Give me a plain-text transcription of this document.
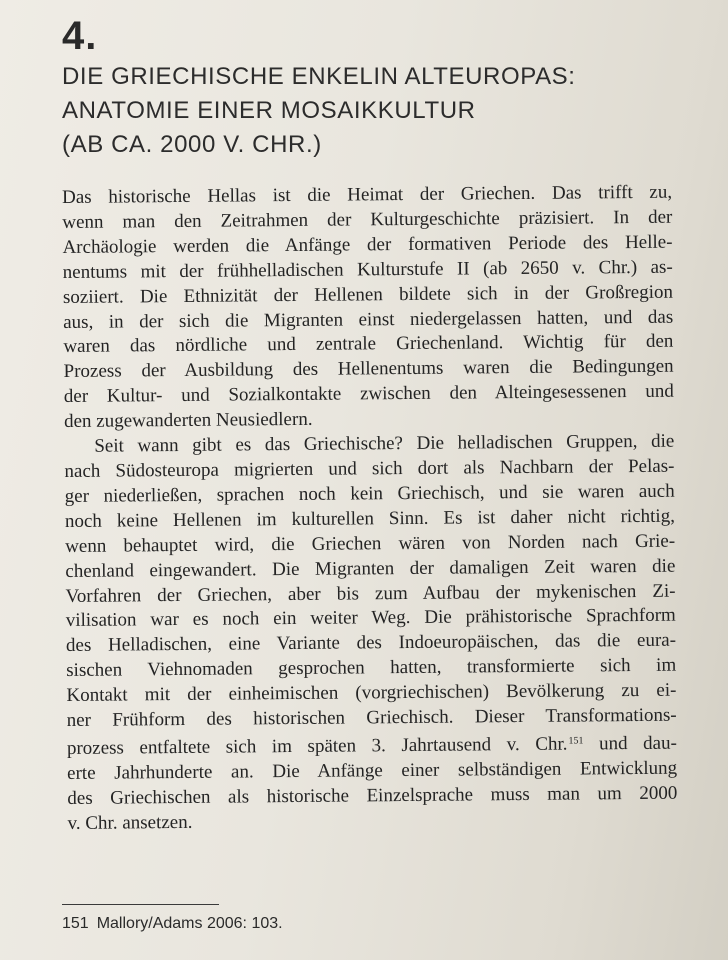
4.
DIE GRIECHISCHE ENKELIN ALTEUROPAS:
ANATOMIE EINER MOSAIKKULTUR
(AB CA. 2000 V. CHR.)
Das historische Hellas ist die Heimat der Griechen. Das trifft zu,
wenn man den Zeitrahmen der Kulturgeschichte präzisiert. In der
Archäologie werden die Anfänge der formativen Periode des Helle-
nentums mit der frühhelladischen Kulturstufe II (ab 2650 v. Chr.) as-
soziiert. Die Ethnizität der Hellenen bildete sich in der Großregion
aus, in der sich die Migranten einst niedergelassen hatten, und das
waren das nördliche und zentrale Griechenland. Wichtig für den
Prozess der Ausbildung des Hellenentums waren die Bedingungen
der Kultur- und Sozialkontakte zwischen den Alteingesessenen und
den zugewanderten Neusiedlern.
Seit wann gibt es das Griechische? Die helladischen Gruppen, die
nach Südosteuropa migrierten und sich dort als Nachbarn der Pelas-
ger niederließen, sprachen noch kein Griechisch, und sie waren auch
noch keine Hellenen im kulturellen Sinn. Es ist daher nicht richtig,
wenn behauptet wird, die Griechen wären von Norden nach Grie-
chenland eingewandert. Die Migranten der damaligen Zeit waren die
Vorfahren der Griechen, aber bis zum Aufbau der mykenischen Zi-
vilisation war es noch ein weiter Weg. Die prähistorische Sprachform
des Helladischen, eine Variante des Indoeuropäischen, das die eura-
sischen Viehnomaden gesprochen hatten, transformierte sich im
Kontakt mit der einheimischen (vorgriechischen) Bevölkerung zu ei-
ner Frühform des historischen Griechisch. Dieser Transformations-
prozess entfaltete sich im späten 3. Jahrtausend v. Chr.$^{151}$ und dau-
erte Jahrhunderte an. Die Anfänge einer selbständigen Entwicklung
des Griechischen als historische Einzelsprache muss man um 2000
v. Chr. ansetzen.
151 Mallory/Adams 2006: 103.
